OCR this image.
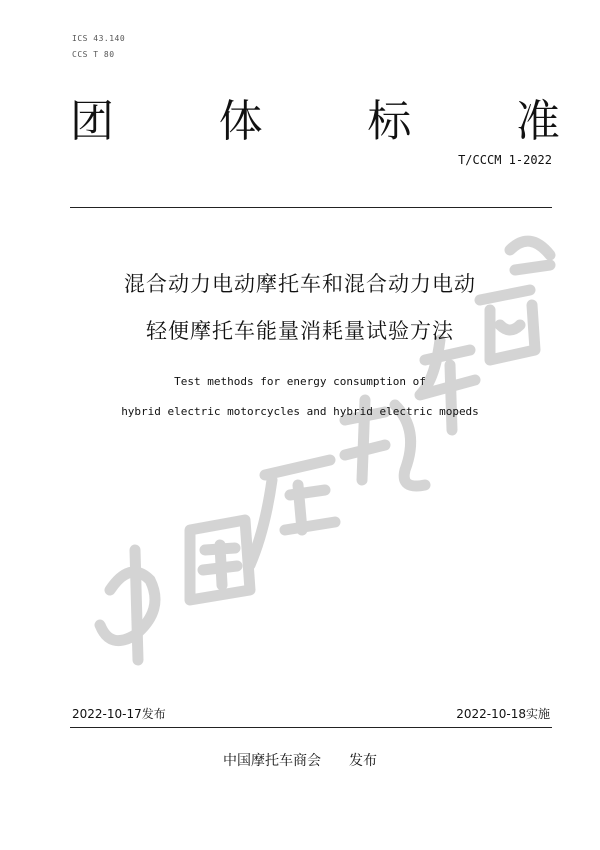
ICS 43.140
CCS T 80
团 体 标 准
T/CCCM 1-2022
混合动力电动摩托车和混合动力电动
轻便摩托车能量消耗量试验方法
Test methods for energy consumption of
hybrid electric motorcycles and hybrid electric mopeds
2022-10-17发布	2022-10-18实施
中国摩托车商会 发布
